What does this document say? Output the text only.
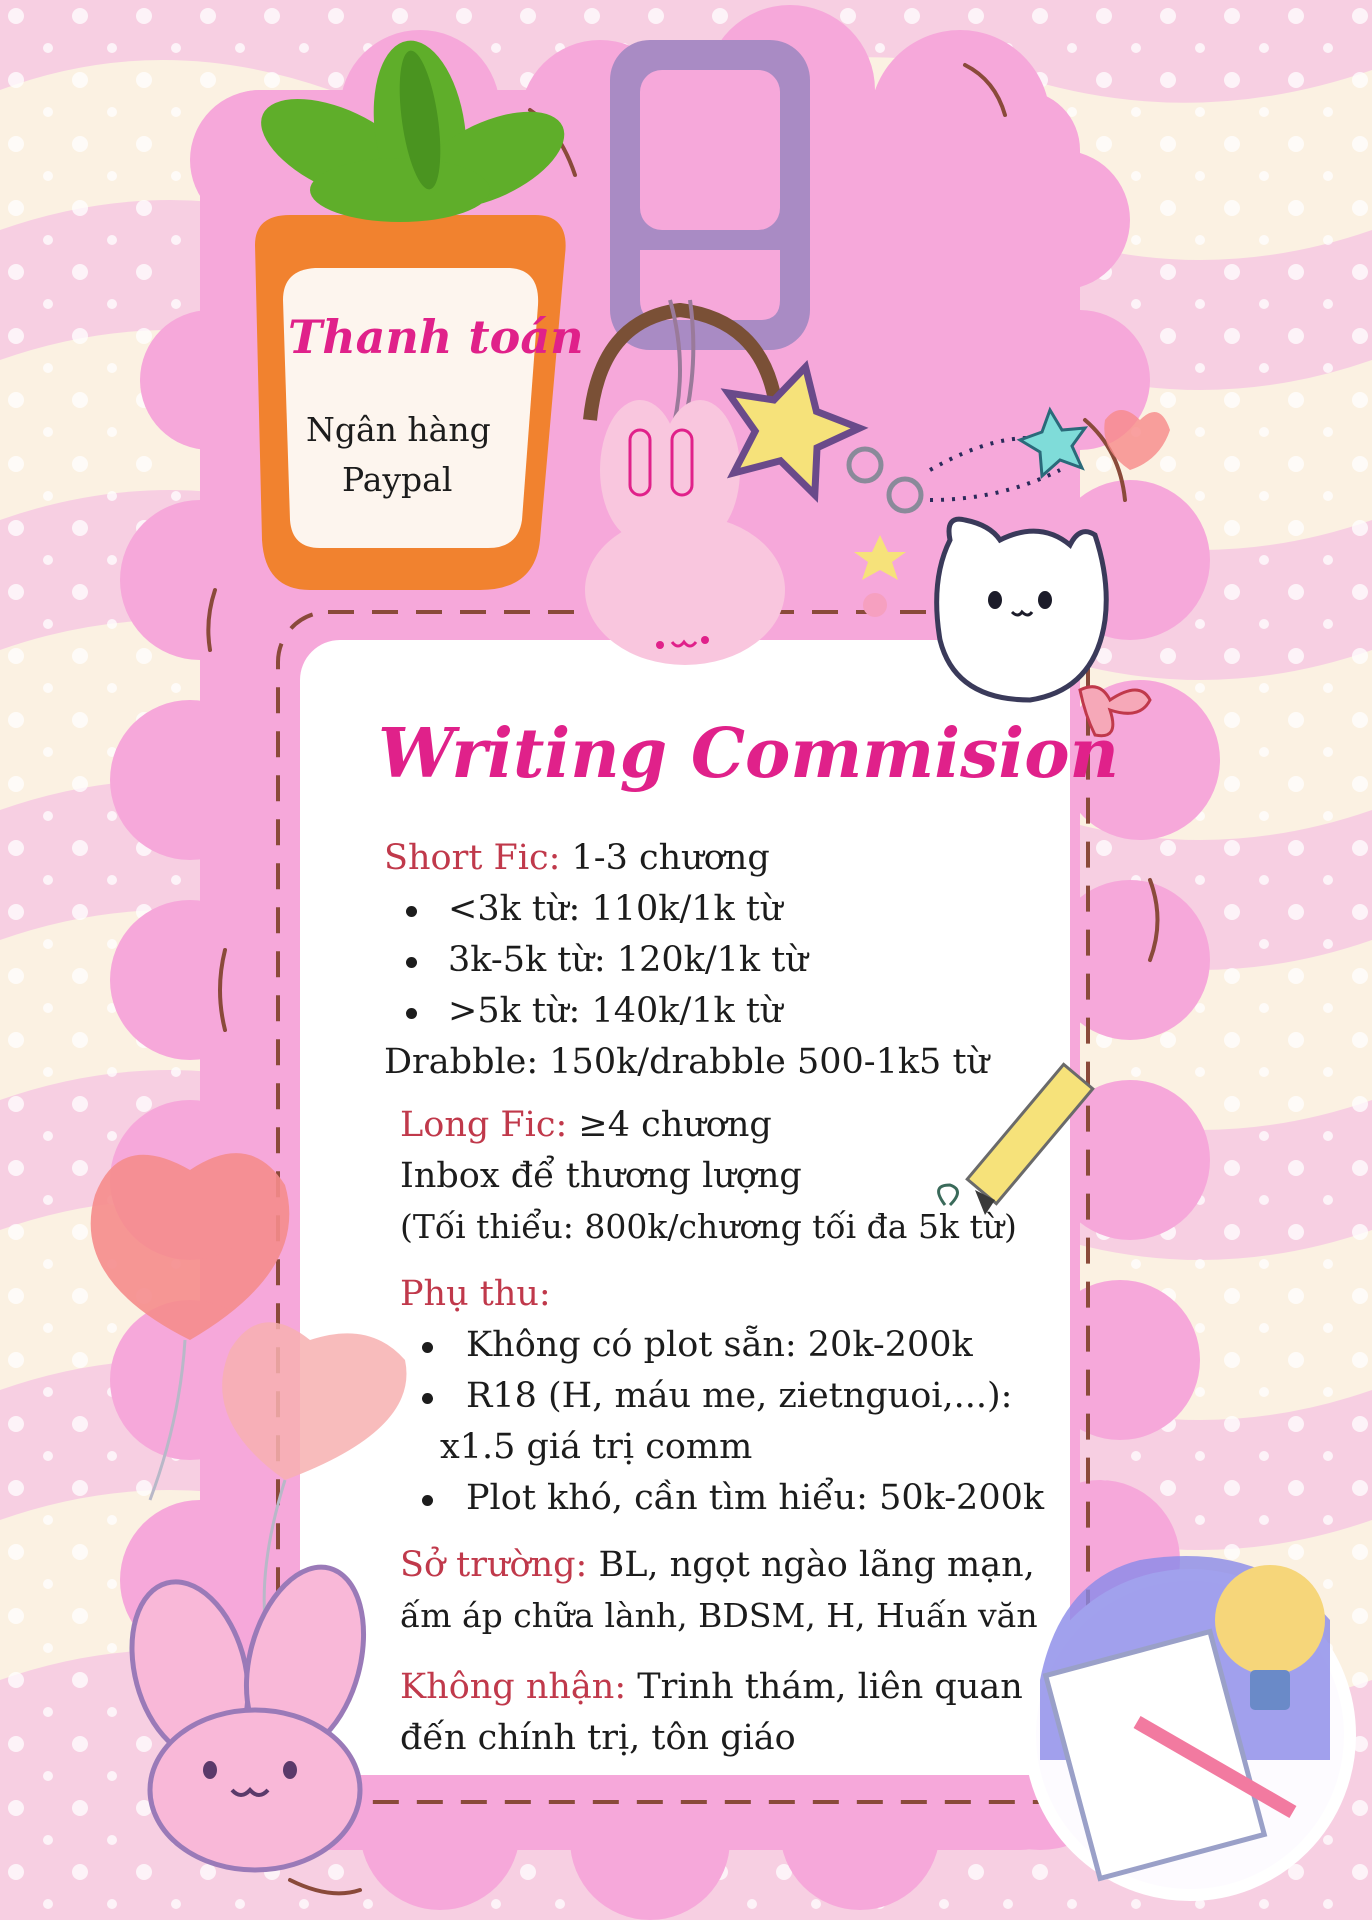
Thanh toán
Ngân hàng
Paypal
Writing Commision
Short Fic: 1-3 chương
<3k từ: 110k/1k từ
3k-5k từ: 120k/1k từ
>5k từ: 140k/1k từ
Drabble: 150k/drabble 500-1k5 từ
Long Fic: ≥4 chương
Inbox để thương lượng
(Tối thiểu: 800k/chương tối đa 5k từ)
Phụ thu:
Không có plot sẵn: 20k-200k
R18 (H, máu me, zietnguoi,...):
x1.5 giá trị comm
Plot khó, cần tìm hiểu: 50k-200k
Sở trường: BL, ngọt ngào lãng mạn,
ấm áp chữa lành, BDSM, H, Huấn văn
Không nhận: Trinh thám, liên quan
đến chính trị, tôn giáo
